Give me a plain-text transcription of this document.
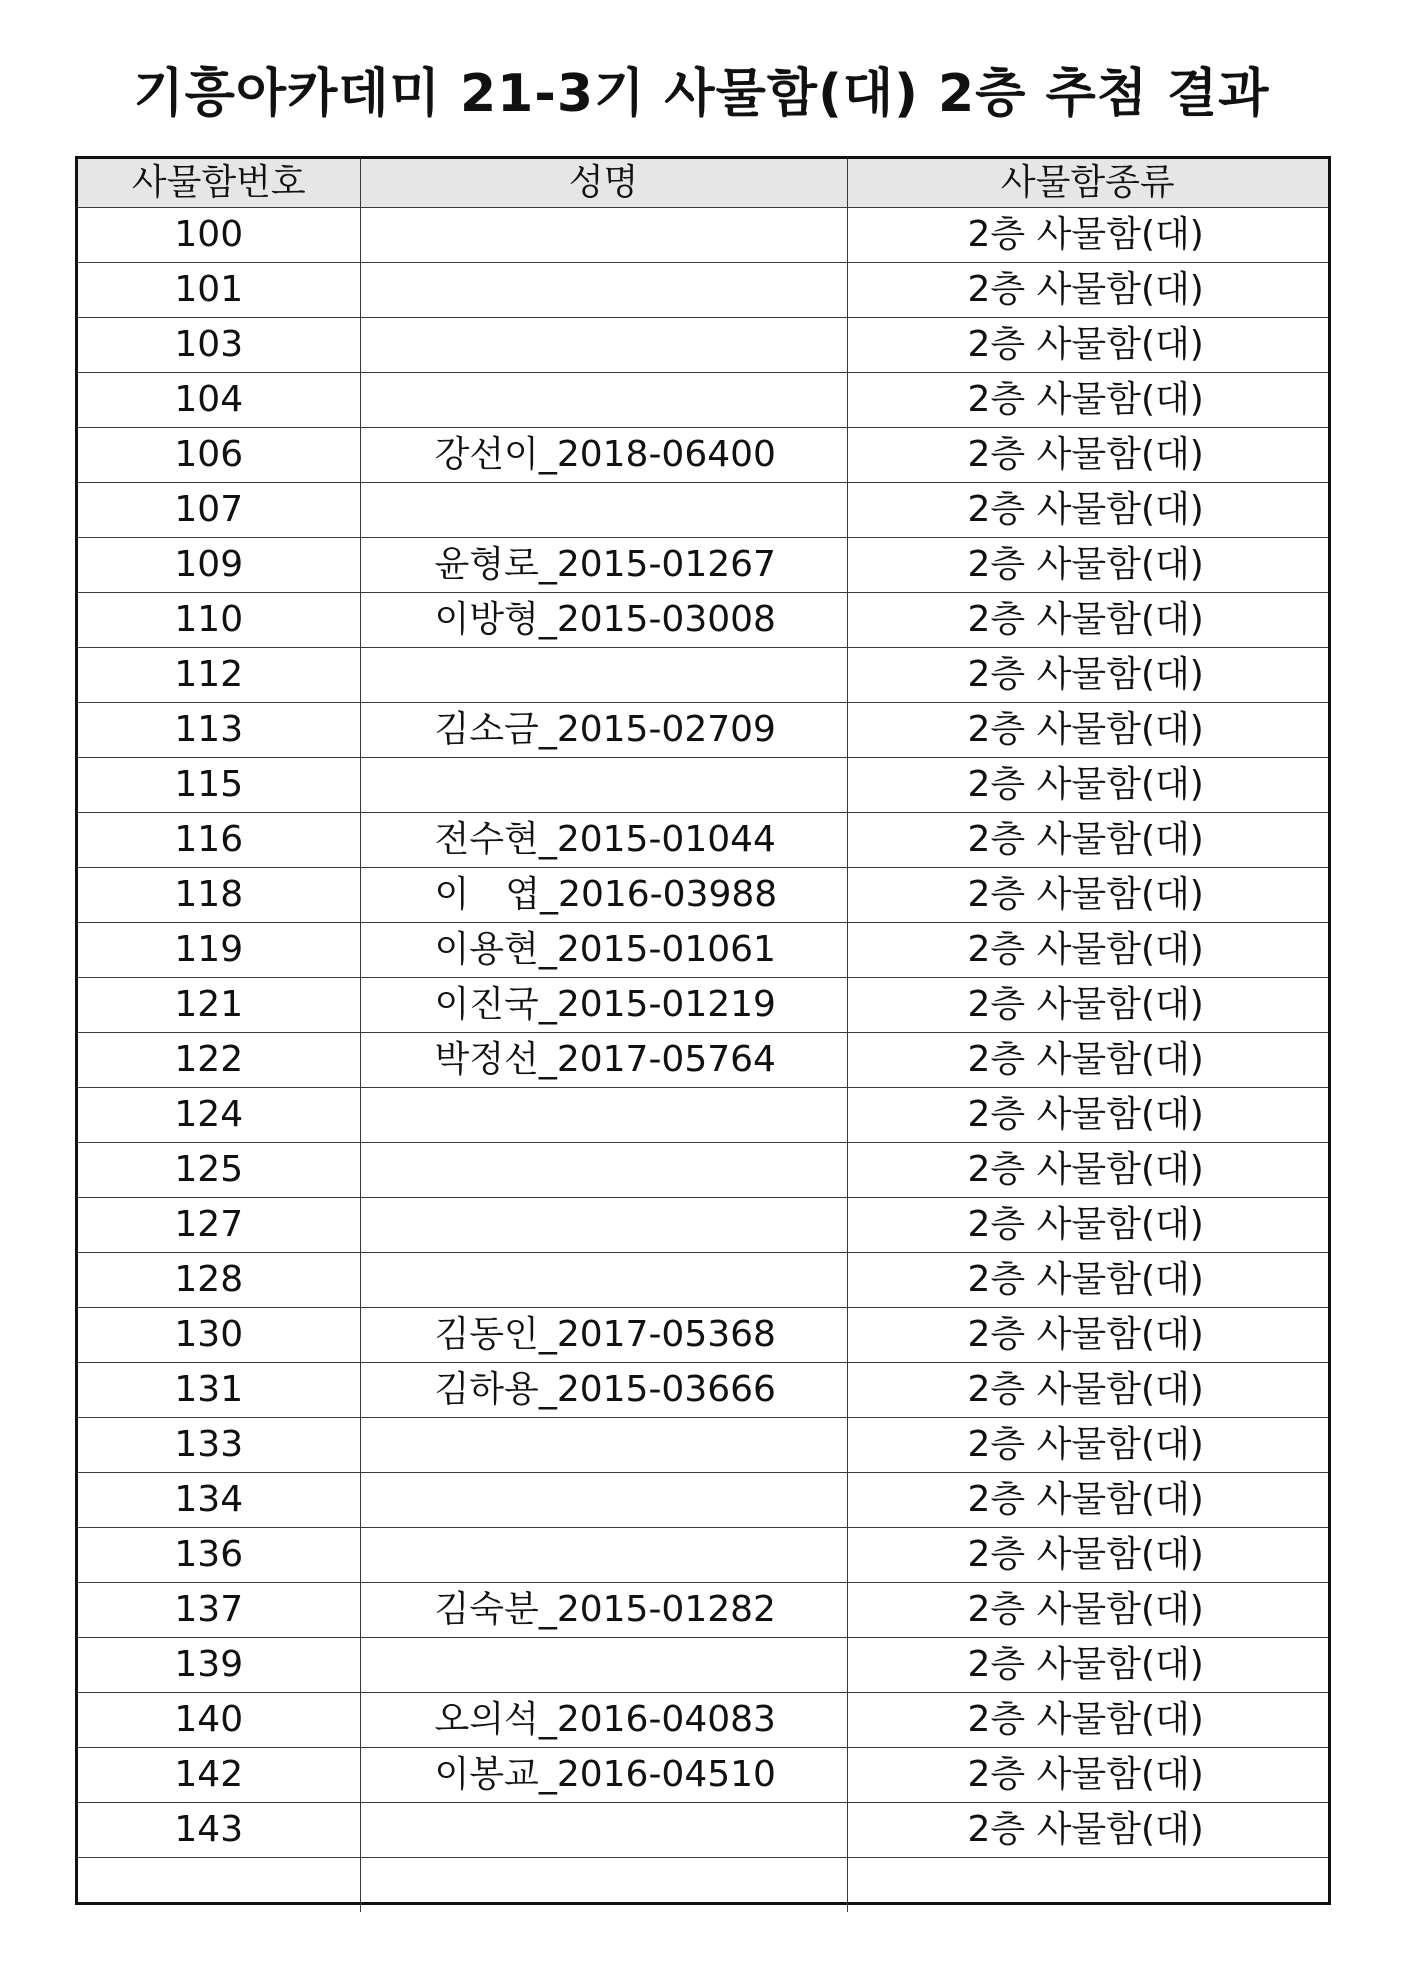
기흥아카데미 21-3기 사물함(대) 2층 추첨 결과
사물함번호	성명	사물함종류
100		2층 사물함(대)
101		2층 사물함(대)
103		2층 사물함(대)
104		2층 사물함(대)
106	강선이_2018-06400	2층 사물함(대)
107		2층 사물함(대)
109	윤형로_2015-01267	2층 사물함(대)
110	이방형_2015-03008	2층 사물함(대)
112		2층 사물함(대)
113	김소금_2015-02709	2층 사물함(대)
115		2층 사물함(대)
116	전수현_2015-01044	2층 사물함(대)
118	이　엽_2016-03988	2층 사물함(대)
119	이용현_2015-01061	2층 사물함(대)
121	이진국_2015-01219	2층 사물함(대)
122	박정선_2017-05764	2층 사물함(대)
124		2층 사물함(대)
125		2층 사물함(대)
127		2층 사물함(대)
128		2층 사물함(대)
130	김동인_2017-05368	2층 사물함(대)
131	김하용_2015-03666	2층 사물함(대)
133		2층 사물함(대)
134		2층 사물함(대)
136		2층 사물함(대)
137	김숙분_2015-01282	2층 사물함(대)
139		2층 사물함(대)
140	오의석_2016-04083	2층 사물함(대)
142	이봉교_2016-04510	2층 사물함(대)
143		2층 사물함(대)
